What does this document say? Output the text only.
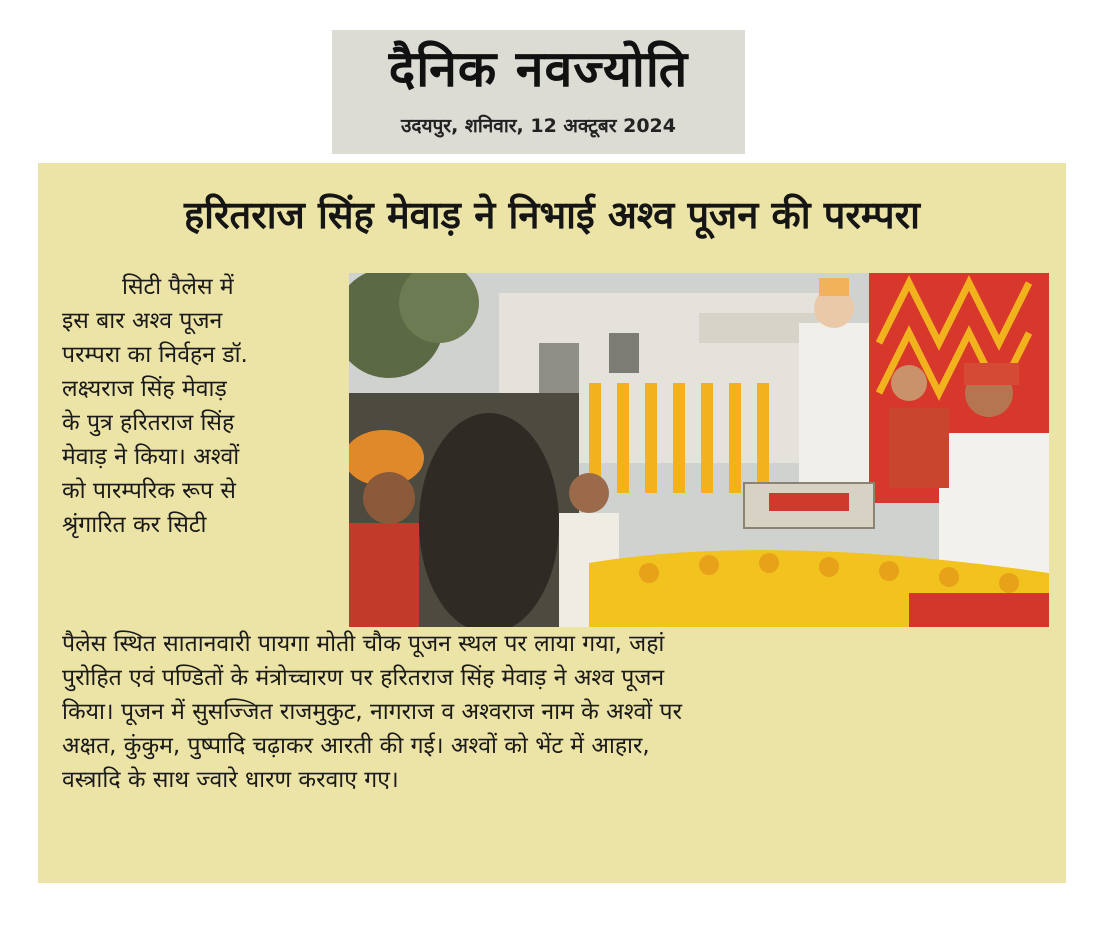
दैनिक नवज्योति
उदयपुर, शनिवार, 12 अक्टूबर 2024
हरितराज सिंह मेवाड़ ने निभाई अश्व पूजन की परम्परा
सिटी पैलेस में
इस बार अश्व पूजन
परम्परा का निर्वहन डॉ.
लक्ष्यराज सिंह मेवाड़
के पुत्र हरितराज सिंह
मेवाड़ ने किया। अश्वों
को पारम्परिक रूप से
श्रृंगारित कर सिटी
पैलेस स्थित सातानवारी पायगा मोती चौक पूजन स्थल पर लाया गया, जहां
पुरोहित एवं पण्डितों के मंत्रोच्चारण पर हरितराज सिंह मेवाड़ ने अश्व पूजन
किया। पूजन में सुसज्जित राजमुकुट, नागराज व अश्वराज नाम के अश्वों पर
अक्षत, कुंकुम, पुष्पादि चढ़ाकर आरती की गई। अश्वों को भेंट में आहार,
वस्त्रादि के साथ ज्वारे धारण करवाए गए।
